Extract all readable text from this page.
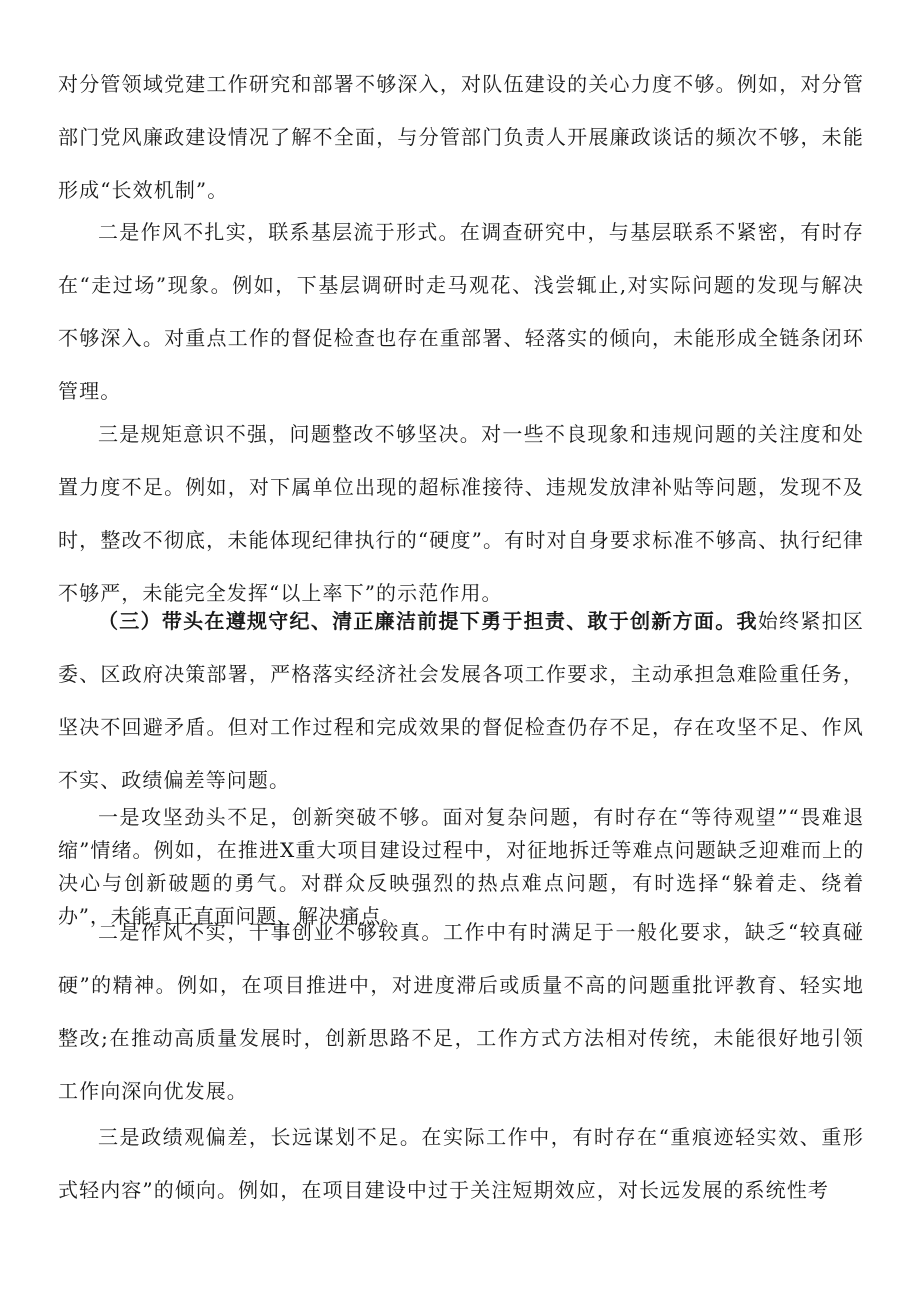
对分管领域党建工作研究和部署不够深入，对队伍建设的关心力度不够。例如，对分管部门党风廉政建设情况了解不全面，与分管部门负责人开展廉政谈话的频次不够，未能形成“长效机制”。

二是作风不扎实，联系基层流于形式。在调查研究中，与基层联系不紧密，有时存在“走过场”现象。例如，下基层调研时走马观花、浅尝辄止,对实际问题的发现与解决不够深入。对重点工作的督促检查也存在重部署、轻落实的倾向，未能形成全链条闭环管理。

三是规矩意识不强，问题整改不够坚决。对一些不良现象和违规问题的关注度和处置力度不足。例如，对下属单位出现的超标准接待、违规发放津补贴等问题，发现不及时，整改不彻底，未能体现纪律执行的“硬度”。有时对自身要求标准不够高、执行纪律不够严，未能完全发挥“以上率下”的示范作用。

（三）带头在遵规守纪、清正廉洁前提下勇于担责、敢于创新方面。我始终紧扣区委、区政府决策部署，严格落实经济社会发展各项工作要求，主动承担急难险重任务，坚决不回避矛盾。但对工作过程和完成效果的督促检查仍存不足，存在攻坚不足、作风不实、政绩偏差等问题。

一是攻坚劲头不足，创新突破不够。面对复杂问题，有时存在“等待观望”“畏难退缩”情绪。例如，在推进X重大项目建设过程中，对征地拆迁等难点问题缺乏迎难而上的决心与创新破题的勇气。对群众反映强烈的热点难点问题，有时选择“躲着走、绕着办”，未能真正直面问题、解决痛点。

二是作风不实，干事创业不够较真。工作中有时满足于一般化要求，缺乏“较真碰硬”的精神。例如，在项目推进中，对进度滞后或质量不高的问题重批评教育、轻实地整改;在推动高质量发展时，创新思路不足，工作方式方法相对传统，未能很好地引领工作向深向优发展。

三是政绩观偏差，长远谋划不足。在实际工作中，有时存在“重痕迹轻实效、重形式轻内容”的倾向。例如，在项目建设中过于关注短期效应，对长远发展的系统性考
